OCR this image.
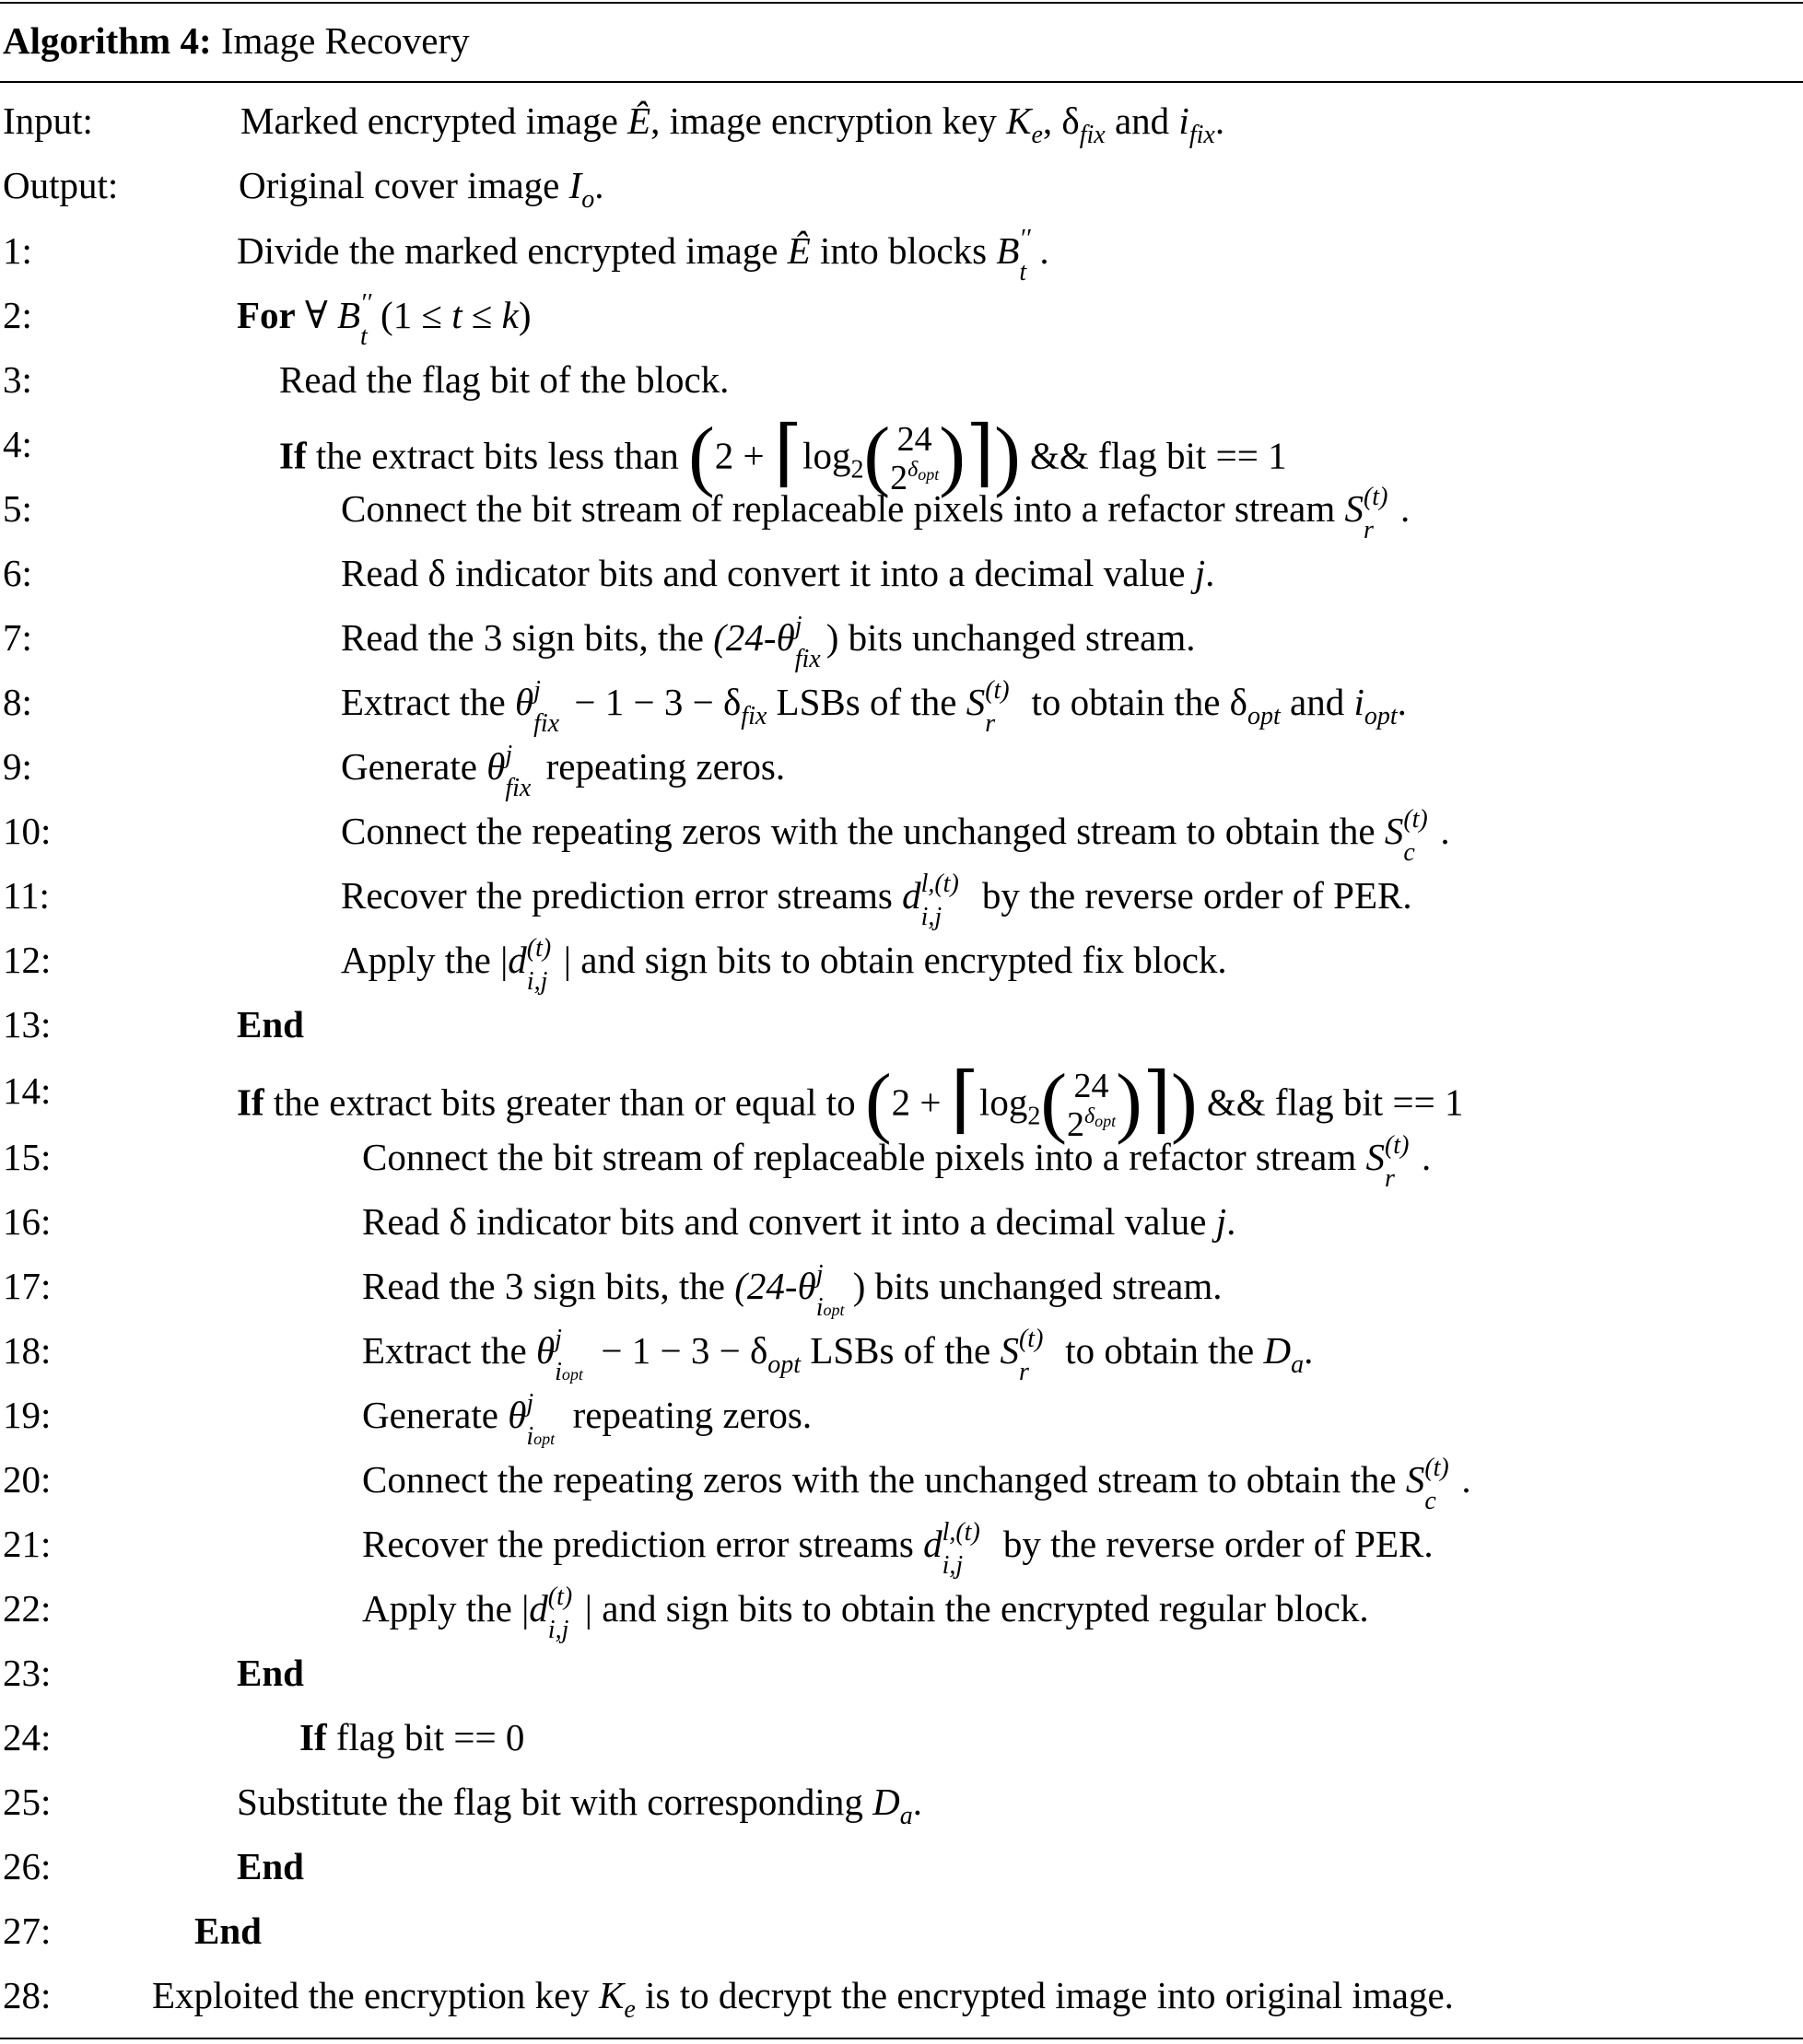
Algorithm 4: Image Recovery
Input:	Marked encrypted image Ê, image encryption key $K_e$, $\delta_{fix}$ and $i_{fix}$.
Output:	Original cover image $I_o$.
1:	Divide the marked encrypted image Ê into blocks B ′′
t
.
2:	For ∀ B ′′
t
(1 ≤ t ≤ k)
3:	Read the flag bit of the block.
4:	If the extract bits less than ($2 + ⌈\log_2$( 24
$2^{\delta opt}$ )⌉) && flag bit == 1
5:	Connect the bit stream of replaceable pixels into a refactor stream S (t)
r
.
6:	Read δ indicator bits and convert it into a decimal value j.
7:	Read the 3 sign bits, the (24-θ j
fix
) bits unchanged stream.
8:	Extract the θ j
fix
− $1 - 3 - \delta_{fix}$ LSBs of the S (t)
r
to obtain the $\delta_{opt}$ and $i_{opt}$.
9:	Generate θ j
fix
repeating zeros.
10:	Connect the repeating zeros with the unchanged stream to obtain the S (t)
c
.
11:	Recover the prediction error streams d l,(t)
i,j
by the reverse order of PER.
12:	Apply the |d (t)
i,j
| and sign bits to obtain encrypted fix block.
13:	End
14:	If the extract bits greater than or equal to ($2 + ⌈\log_2$( 24
$2^{\delta opt}$ )⌉) && flag bit == 1
15:	Connect the bit stream of replaceable pixels into a refactor stream S (t)
r
.
16:	Read δ indicator bits and convert it into a decimal value j.
17:	Read the 3 sign bits, the (24-θ j
iopt
) bits unchanged stream.
18:	Extract the θ j
iopt
− $1 - 3 - \delta_{opt}$ LSBs of the S (t)
r
to obtain the $D_a$.
19:	Generate θ j
iopt
repeating zeros.
20:	Connect the repeating zeros with the unchanged stream to obtain the S (t)
c
.
21:	Recover the prediction error streams d l,(t)
i,j
by the reverse order of PER.
22:	Apply the |d (t)
i,j
| and sign bits to obtain the encrypted regular block.
23:	End
24:	If flag bit == 0
25:	Substitute the flag bit with corresponding $D_a$.
26:	End
27:	End
28:	Exploited the encryption key $K_e$ is to decrypt the encrypted image into original image.
